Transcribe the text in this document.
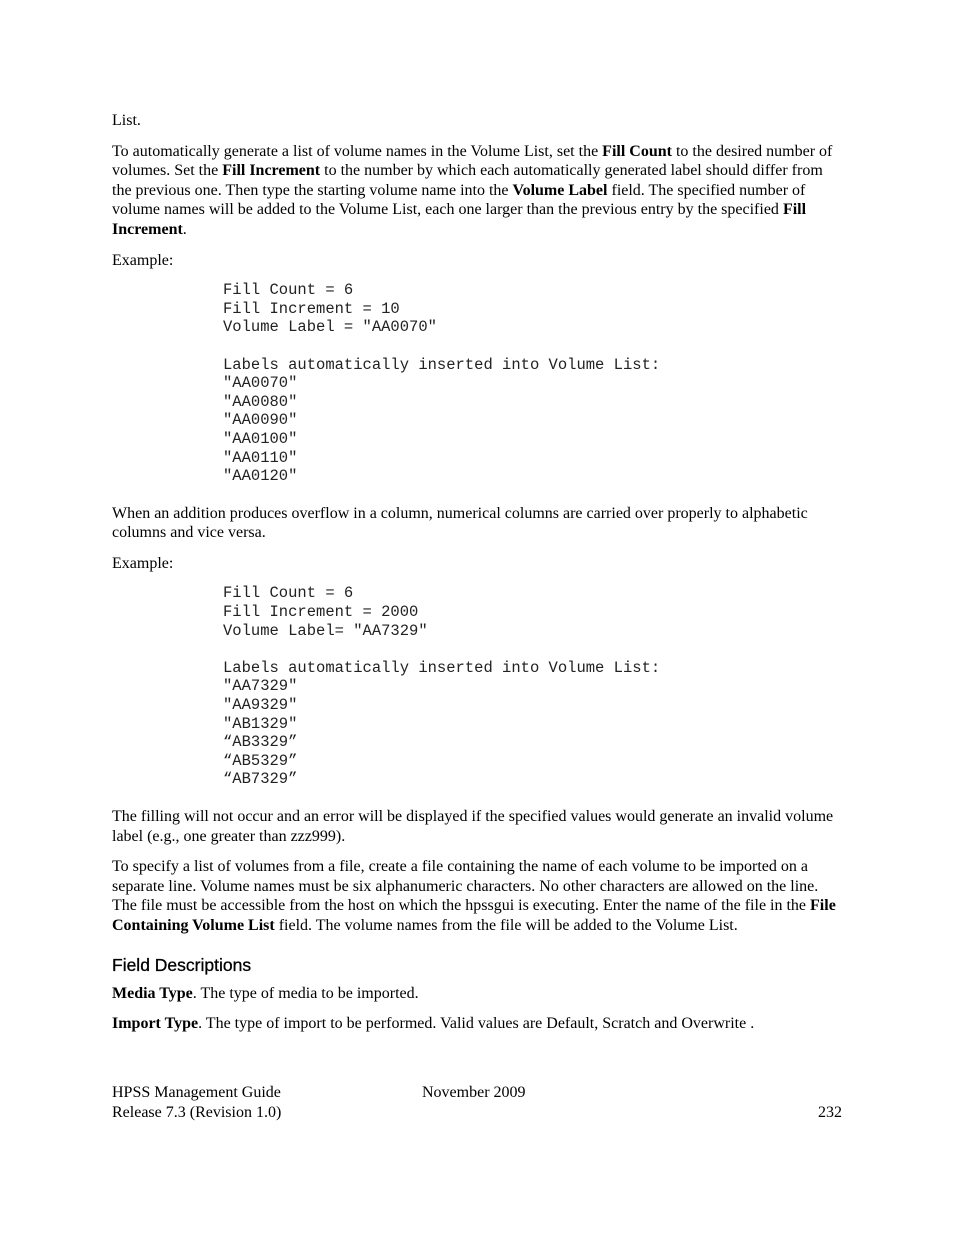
List.

To automatically generate a list of volume names in the Volume List, set the Fill Count to the desired number of volumes. Set the Fill Increment to the number by which each automatically generated label should differ from the previous one. Then type the starting volume name into the Volume Label field. The specified number of volume names will be added to the Volume List, each one larger than the previous entry by the specified Fill Increment.

Example:

Fill Count = 6
Fill Increment = 10
Volume Label = "AA0070"

Labels automatically inserted into Volume List:
"AA0070"
"AA0080"
"AA0090"
"AA0100"
"AA0110"
"AA0120"

When an addition produces overflow in a column, numerical columns are carried over properly to alphabetic columns and vice versa.

Example:

Fill Count = 6
Fill Increment = 2000
Volume Label= "AA7329"

Labels automatically inserted into Volume List:
"AA7329"
"AA9329"
"AB1329"
“AB3329”
“AB5329”
“AB7329”

The filling will not occur and an error will be displayed if the specified values would generate an invalid volume label (e.g., one greater than zzz999).

To specify a list of volumes from a file, create a file containing the name of each volume to be imported on a separate line. Volume names must be six alphanumeric characters. No other characters are allowed on the line. The file must be accessible from the host on which the hpssgui is executing. Enter the name of the file in the File Containing Volume List field. The volume names from the file will be added to the Volume List.

Field Descriptions

Media Type. The type of media to be imported.

Import Type. The type of import to be performed. Valid values are Default, Scratch and Overwrite .

HPSS Management Guide	November 2009
Release 7.3 (Revision 1.0)	232
